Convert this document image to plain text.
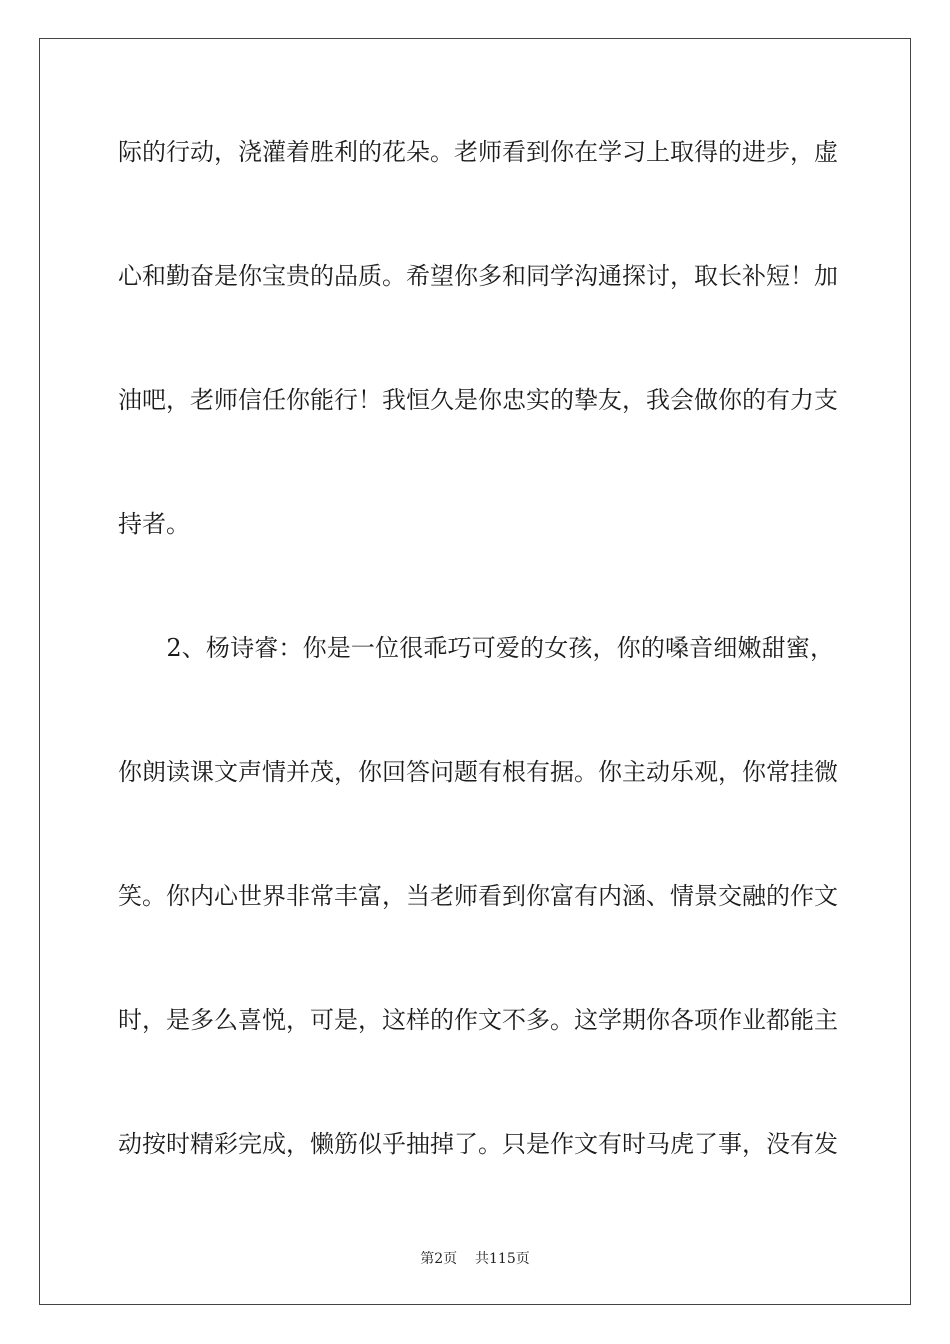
际的行动，浇灌着胜利的花朵。老师看到你在学习上取得的进步，虚
心和勤奋是你宝贵的品质。希望你多和同学沟通探讨，取长补短！加
油吧，老师信任你能行！我恒久是你忠实的挚友，我会做你的有力支
持者。
　　2、杨诗睿：你是一位很乖巧可爱的女孩，你的嗓音细嫩甜蜜，
你朗读课文声情并茂，你回答问题有根有据。你主动乐观，你常挂微
笑。你内心世界非常丰富，当老师看到你富有内涵、情景交融的作文
时，是多么喜悦，可是，这样的作文不多。这学期你各项作业都能主
动按时精彩完成，懒筋似乎抽掉了。只是作文有时马虎了事，没有发
第2页 共115页
